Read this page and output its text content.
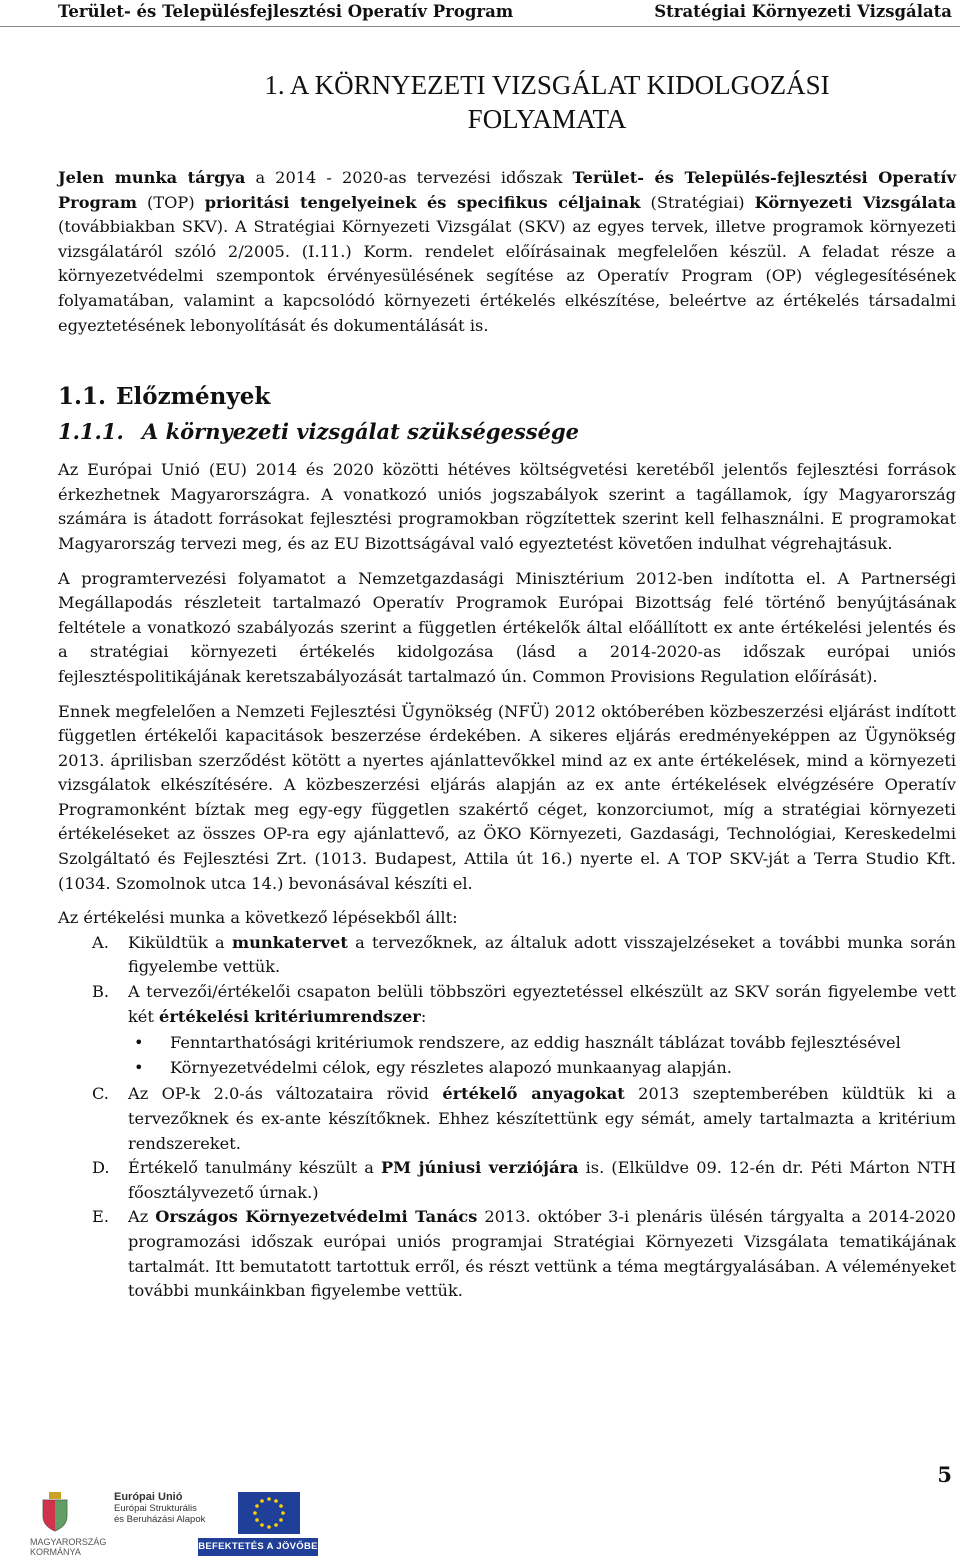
Terület- és Településfejlesztési Operatív Program	Stratégiai Környezeti Vizsgálata
1. A KÖRNYEZETI VIZSGÁLAT KIDOLGOZÁSI
FOLYAMATA

Jelen munka tárgya a 2014 - 2020-as tervezési időszak Terület- és Település-fejlesztési Operatív Program (TOP) prioritási tengelyeinek és specifikus céljainak (Stratégiai) Környezeti Vizsgálata (továbbiakban SKV). A Stratégiai Környezeti Vizsgálat (SKV) az egyes tervek, illetve programok környezeti vizsgálatáról szóló 2/2005. (I.11.) Korm. rendelet előírásainak megfelelően készül. A feladat része a környezetvédelmi szempontok érvényesülésének segítése az Operatív Program (OP) véglegesítésének folyamatában, valamint a kapcsolódó környezeti értékelés elkészítése, beleértve az értékelés társadalmi egyeztetésének lebonyolítását és dokumentálását is.

1.1. Előzmények
1.1.1. A környezeti vizsgálat szükségessége

Az Európai Unió (EU) 2014 és 2020 közötti hétéves költségvetési keretéből jelentős fejlesztési források érkezhetnek Magyarországra. A vonatkozó uniós jogszabályok szerint a tagállamok, így Magyarország számára is átadott forrásokat fejlesztési programokban rögzítettek szerint kell felhasználni. E programokat Magyarország tervezi meg, és az EU Bizottságával való egyeztetést követően indulhat végrehajtásuk.

A programtervezési folyamatot a Nemzetgazdasági Minisztérium 2012-ben indította el. A Partnerségi Megállapodás részleteit tartalmazó Operatív Programok Európai Bizottság felé történő benyújtásának feltétele a vonatkozó szabályozás szerint a független értékelők által előállított ex ante értékelési jelentés és a stratégiai környezeti értékelés kidolgozása (lásd a 2014-2020-as időszak európai uniós fejlesztéspolitikájának keretszabályozását tartalmazó ún. Common Provisions Regulation előírását).

Ennek megfelelően a Nemzeti Fejlesztési Ügynökség (NFÜ) 2012 októberében közbeszerzési eljárást indított független értékelői kapacitások beszerzése érdekében. A sikeres eljárás eredményeképpen az Ügynökség 2013. áprilisban szerződést kötött a nyertes ajánlattevőkkel mind az ex ante értékelések, mind a környezeti vizsgálatok elkészítésére. A közbeszerzési eljárás alapján az ex ante értékelések elvégzésére Operatív Programonként bíztak meg egy-egy független szakértő céget, konzorciumot, míg a stratégiai környezeti értékeléseket az összes OP-ra egy ajánlattevő, az ÖKO Környezeti, Gazdasági, Technológiai, Kereskedelmi Szolgáltató és Fejlesztési Zrt. (1013. Budapest, Attila út 16.) nyerte el. A TOP SKV-ját a Terra Studio Kft. (1034. Szomolnok utca 14.) bevonásával készíti el.

Az értékelési munka a következő lépésekből állt:

A.	Kiküldtük a munkatervet a tervezőknek, az általuk adott visszajelzéseket a további munka során figyelembe vettük.
B.	A tervezői/értékelői csapaton belüli többszöri egyeztetéssel elkészült az SKV során figyelembe vett két értékelési kritériumrendszer:
•	Fenntarthatósági kritériumok rendszere, az eddig használt táblázat tovább fejlesztésével
•	Környezetvédelmi célok, egy részletes alapozó munkaanyag alapján.
C.	Az OP-k 2.0-ás változataira rövid értékelő anyagokat 2013 szeptemberében küldtük ki a tervezőknek és ex-ante készítőknek. Ehhez készítettünk egy sémát, amely tartalmazta a kritérium rendszereket.
D.	Értékelő tanulmány készült a PM júniusi verziójára is. (Elküldve 09. 12-én dr. Péti Márton NTH főosztályvezető úrnak.)
E.	Az Országos Környezetvédelmi Tanács 2013. október 3-i plenáris ülésén tárgyalta a 2014-2020 programozási időszak európai uniós programjai Stratégiai Környezeti Vizsgálata tematikájának tartalmát. Itt bemutatott tartottuk erről, és részt vettünk a téma megtárgyalásában. A véleményeket további munkáinkban figyelembe vettük.
5
MAGYARORSZÁG
KORMÁNYA
Európai Unió
Európai Strukturális
és Beruházási Alapok
BEFEKTETÉS A JÖVŐBE
